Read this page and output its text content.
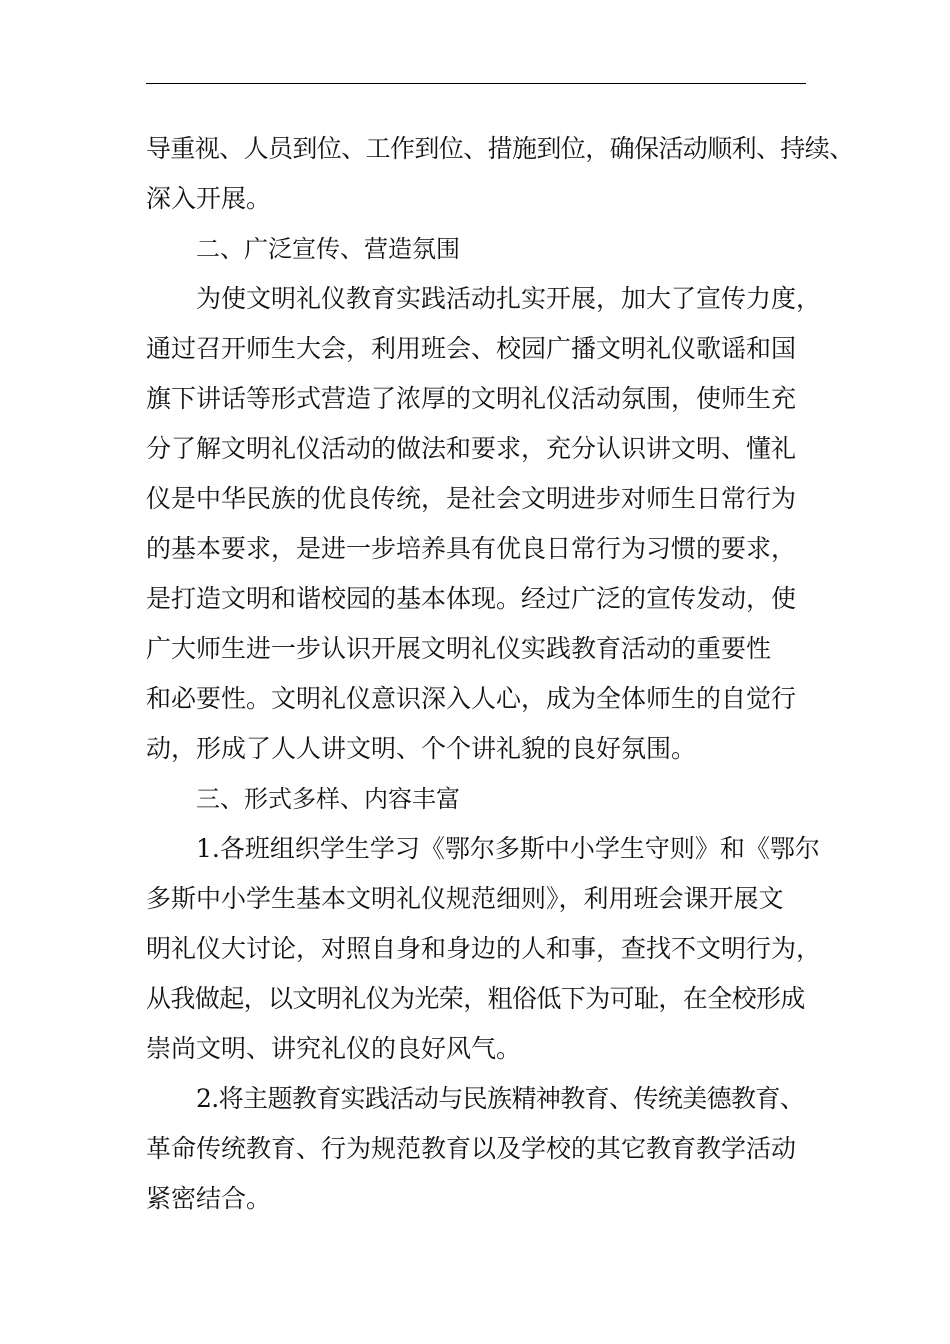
导重视、人员到位、工作到位、措施到位，确保活动顺利、持续、
深入开展。
二、广泛宣传、营造氛围
为使文明礼仪教育实践活动扎实开展，加大了宣传力度，
通过召开师生大会，利用班会、校园广播文明礼仪歌谣和国
旗下讲话等形式营造了浓厚的文明礼仪活动氛围，使师生充
分了解文明礼仪活动的做法和要求，充分认识讲文明、懂礼
仪是中华民族的优良传统，是社会文明进步对师生日常行为
的基本要求，是进一步培养具有优良日常行为习惯的要求，
是打造文明和谐校园的基本体现。经过广泛的宣传发动，使
广大师生进一步认识开展文明礼仪实践教育活动的重要性
和必要性。文明礼仪意识深入人心，成为全体师生的自觉行
动，形成了人人讲文明、个个讲礼貌的良好氛围。
三、形式多样、内容丰富
1.各班组织学生学习《鄂尔多斯中小学生守则》和《鄂尔
多斯中小学生基本文明礼仪规范细则》，利用班会课开展文
明礼仪大讨论，对照自身和身边的人和事，查找不文明行为，
从我做起，以文明礼仪为光荣，粗俗低下为可耻，在全校形成
崇尚文明、讲究礼仪的良好风气。
2.将主题教育实践活动与民族精神教育、传统美德教育、
革命传统教育、行为规范教育以及学校的其它教育教学活动
紧密结合。
